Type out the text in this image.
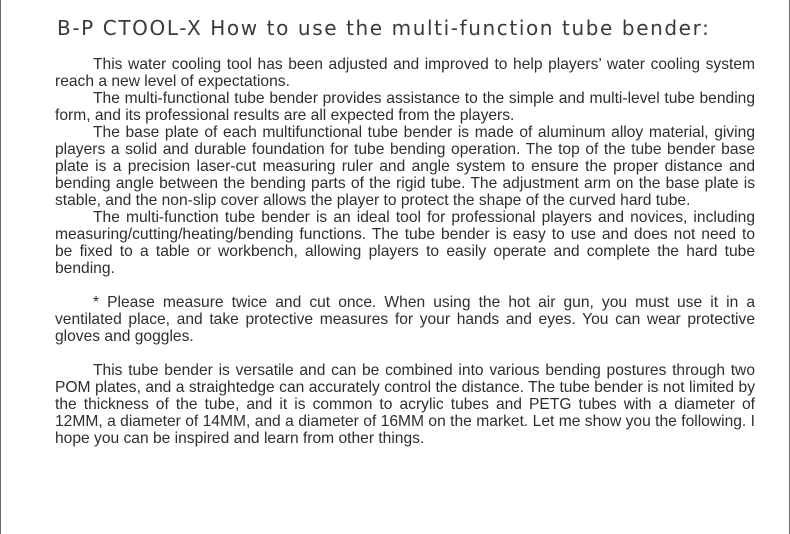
B-P CTOOL-X How to use the multi-function tube bender:

This water cooling tool has been adjusted and improved to help players’ water cooling system reach a new level of expectations.

The multi-functional tube bender provides assistance to the simple and multi-level tube bending form, and its professional results are all expected from the players.

The base plate of each multifunctional tube bender is made of aluminum alloy material, giving players a solid and durable foundation for tube bending operation. The top of the tube bender base plate is a precision laser-cut measuring ruler and angle system to ensure the proper distance and bending angle between the bending parts of the rigid tube. The adjustment arm on the base plate is stable, and the non-slip cover allows the player to protect the shape of the curved hard tube.

The multi-function tube bender is an ideal tool for professional players and novices, including measuring/cutting/heating/bending functions. The tube bender is easy to use and does not need to be fixed to a table or workbench, allowing players to easily operate and complete the hard tube bending.

* Please measure twice and cut once. When using the hot air gun, you must use it in a ventilated place, and take protective measures for your hands and eyes. You can wear protective gloves and goggles.

This tube bender is versatile and can be combined into various bending postures through two POM plates, and a straightedge can accurately control the distance. The tube bender is not limited by the thickness of the tube, and it is common to acrylic tubes and PETG tubes with a diameter of 12MM, a diameter of 14MM, and a diameter of 16MM on the market. Let me show you the following. I hope you can be inspired and learn from other things.
